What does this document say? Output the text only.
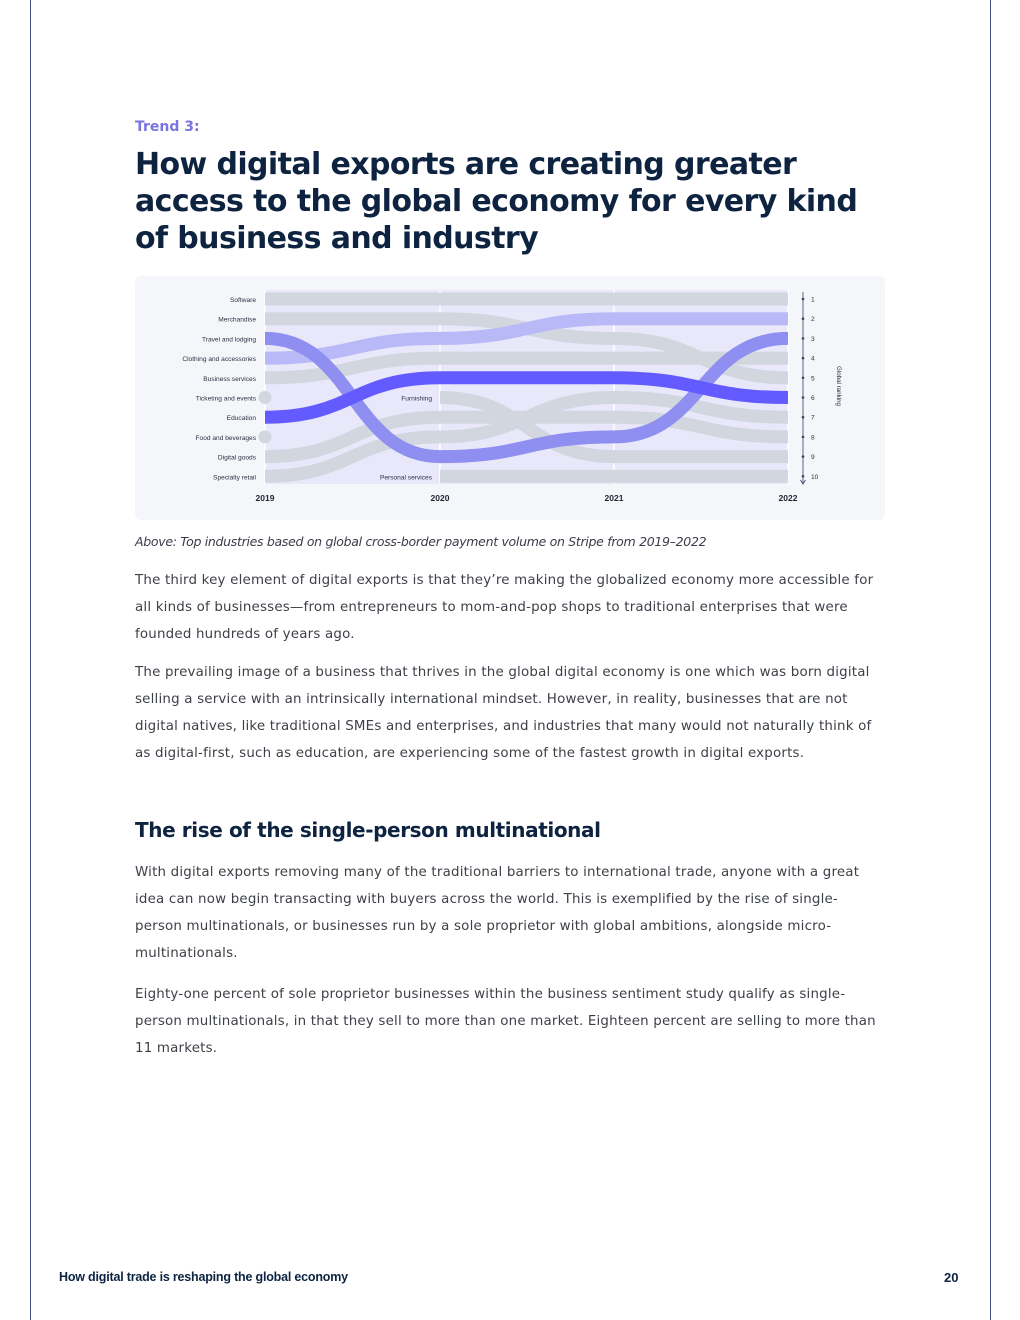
Trend 3:
How digital exports are creating greater access to the global economy for every kind of business and industry
Software
Merchandise
Travel and lodging
Clothing and accessories
Business services
Ticketing and events
Education
Food and beverages
Digital goods
Specialty retail
Furnishing
Personal services
2019	2020	2021	2022
1
2
3
4
5
6
7
8
9
10
Global ranking
Above: Top industries based on global cross-border payment volume on Stripe from 2019–2022

The third key element of digital exports is that they’re making the globalized economy more accessible for all kinds of businesses—from entrepreneurs to mom-and-pop shops to traditional enterprises that were founded hundreds of years ago.

The prevailing image of a business that thrives in the global digital economy is one which was born digital selling a service with an intrinsically international mindset. However, in reality, businesses that are not digital natives, like traditional SMEs and enterprises, and industries that many would not naturally think of as digital-first, such as education, are experiencing some of the fastest growth in digital exports.

The rise of the single-person multinational

With digital exports removing many of the traditional barriers to international trade, anyone with a great idea can now begin transacting with buyers across the world. This is exemplified by the rise of single-person multinationals, or businesses run by a sole proprietor with global ambitions, alongside micro-multinationals.

Eighty-one percent of sole proprietor businesses within the business sentiment study qualify as single-person multinationals, in that they sell to more than one market. Eighteen percent are selling to more than 11 markets.

How digital trade is reshaping the global economy	20
